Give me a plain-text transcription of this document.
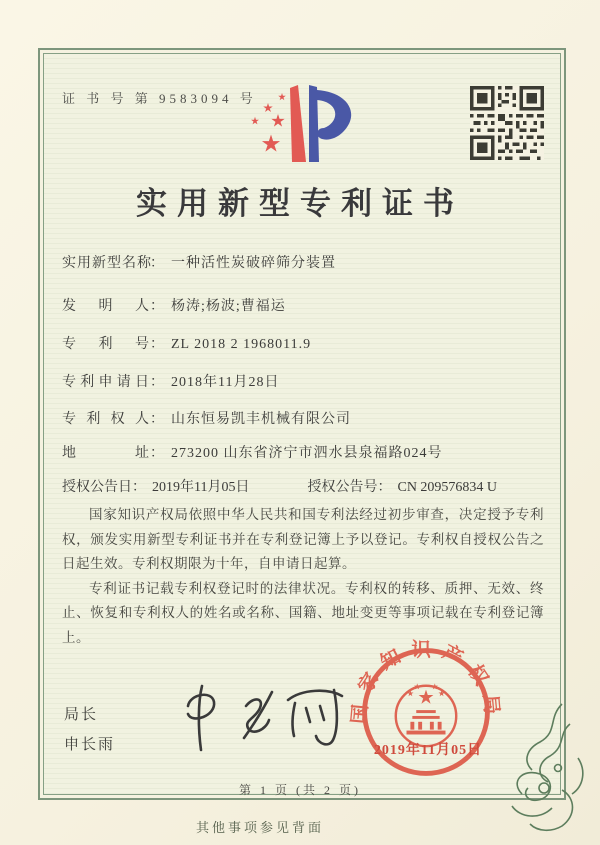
证 书 号 第 9583094 号
实用新型专利证书
实用新型名称： 一种活性炭破碎筛分装置
发明人： 杨涛;杨波;曹福运
专利号： ZL 2018 2 1968011.9
专利申请日： 2018年11月28日
专利权人： 山东恒易凯丰机械有限公司
地址： 273200 山东省济宁市泗水县泉福路024号
授权公告日： 2019年11月05日	授权公告号： CN 209576834 U

国家知识产权局依照中华人民共和国专利法经过初步审查，决定授予专利权，颁发实用新型专利证书并在专利登记簿上予以登记。专利权自授权公告之日起生效。专利权期限为十年，自申请日起算。

专利证书记载专利权登记时的法律状况。专利权的转移、质押、无效、终止、恢复和专利权人的姓名或名称、国籍、地址变更等事项记载在专利登记簿上。

局长
申长雨
国家知识产权局
2019年11月05日
第 1 页 (共 2 页)
其他事项参见背面
